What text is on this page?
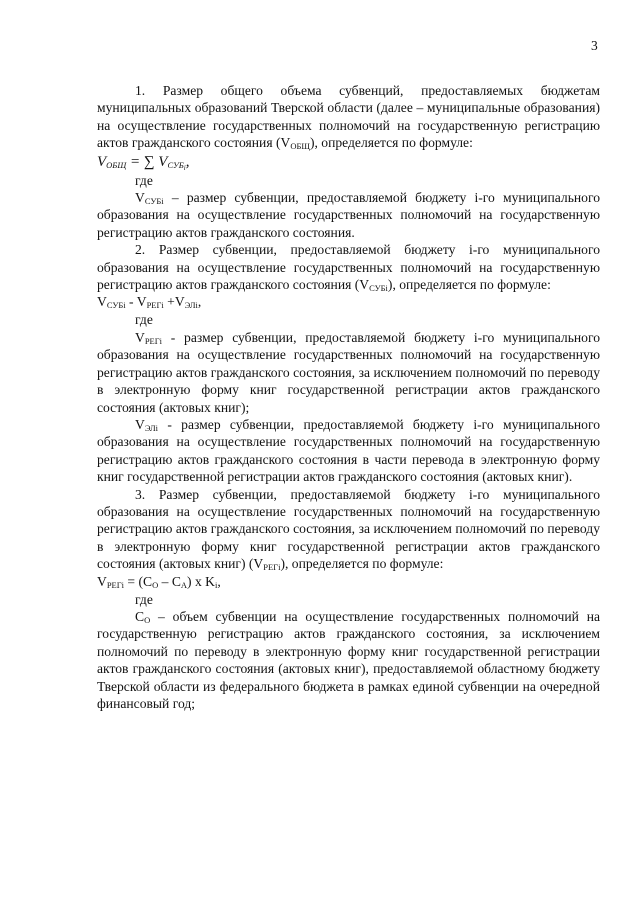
3

1. Размер общего объема субвенций, предоставляемых бюджетам муниципальных образований Тверской области (далее – муниципальные образования) на осуществление государственных полномочий на государственную регистрацию актов гражданского состояния $(V_{ОБЩ})$, определяется по формуле:

$V_{ОБЩ}$ = ∑ $V_{СУБ_i}$,

где

$V_{СУБi}$ – размер субвенции, предоставляемой бюджету i-го муниципального образования на осуществление государственных полномочий на государственную регистрацию актов гражданского состояния.

2. Размер субвенции, предоставляемой бюджету i-го муниципального образования на осуществление государственных полномочий на государственную регистрацию актов гражданского состояния $(V_{СУБi})$, определяется по формуле:

$V_{СУБi} - V_{РЕГi} +V_{ЭЛi}$,

где

$V_{РЕГi}$ - размер субвенции, предоставляемой бюджету i-го муниципального образования на осуществление государственных полномочий на государственную регистрацию актов гражданского состояния, за исключением полномочий по переводу в электронную форму книг государственной регистрации актов гражданского состояния (актовых книг);

$V_{ЭЛi}$ - размер субвенции, предоставляемой бюджету i-го муниципального образования на осуществление государственных полномочий на государственную регистрацию актов гражданского состояния в части перевода в электронную форму книг государственной регистрации актов гражданского состояния (актовых книг).

3. Размер субвенции, предоставляемой бюджету i-го муниципального образования на осуществление государственных полномочий на государственную регистрацию актов гражданского состояния, за исключением полномочий по переводу в электронную форму книг государственной регистрации актов гражданского состояния (актовых книг) $(V_{РЕГi})$, определяется по формуле:

$V_{РЕГi} = (C_O - C_A)$ x $K_i$,

где

$C_O$ – объем субвенции на осуществление государственных полномочий на государственную регистрацию актов гражданского состояния, за исключением полномочий по переводу в электронную форму книг государственной регистрации актов гражданского состояния (актовых книг), предоставляемой областному бюджету Тверской области из федерального бюджета в рамках единой субвенции на очередной финансовый год;
